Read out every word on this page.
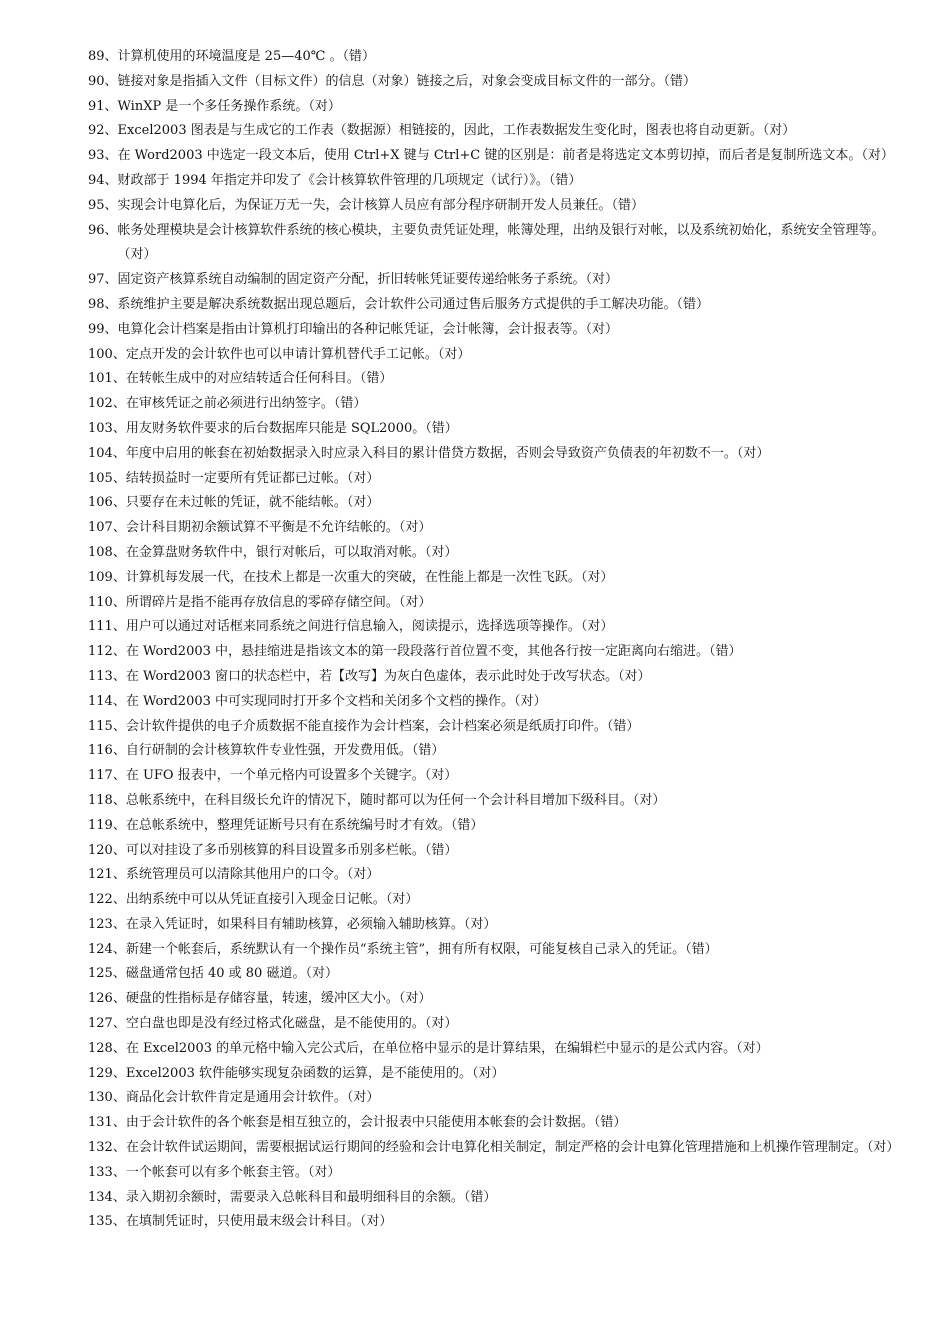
89、 计算机使用的环境温度是 25—40℃ 。（错）
90、 链接对象是指插入文件（目标文件）的信息（对象）链接之后，对象会变成目标文件的一部分。（错）
91、 WinXP 是一个多任务操作系统。（对）
92、 Excel2003 图表是与生成它的工作表（数据源）相链接的，因此，工作表数据发生变化时，图表也将自动更新。（对）
93、 在 Word2003 中选定一段文本后，使用 Ctrl+X 键与 Ctrl+C 键的区别是：前者是将选定文本剪切掉，而后者是复制所选文本。（对）
94、 财政部于 1994 年指定并印发了《会计核算软件管理的几项规定（试行）》。（错）
95、 实现会计电算化后，为保证万无一失，会计核算人员应有部分程序研制开发人员兼任。（错）
96、 帐务处理模块是会计核算软件系统的核心模块，主要负责凭证处理，帐簿处理，出纳及银行对帐，以及系统初始化，系统安全管理等。（对）
97、 固定资产核算系统自动编制的固定资产分配，折旧转帐凭证要传递给帐务子系统。（对）
98、 系统维护主要是解决系统数据出现总题后，会计软件公司通过售后服务方式提供的手工解决功能。（错）
99、 电算化会计档案是指由计算机打印输出的各种记帐凭证，会计帐簿，会计报表等。（对）
100、 定点开发的会计软件也可以申请计算机替代手工记帐。（对）
101、 在转帐生成中的对应结转适合任何科目。（错）
102、 在审核凭证之前必须进行出纳签字。（错）
103、 用友财务软件要求的后台数据库只能是 SQL2000。（错）
104、 年度中启用的帐套在初始数据录入时应录入科目的累计借贷方数据，否则会导致资产负债表的年初数不一。（对）
105、 结转损益时一定要所有凭证都已过帐。（对）
106、 只要存在未过帐的凭证，就不能结帐。（对）
107、 会计科目期初余额试算不平衡是不允许结帐的。（对）
108、 在金算盘财务软件中，银行对帐后，可以取消对帐。（对）
109、 计算机每发展一代，在技术上都是一次重大的突破，在性能上都是一次性飞跃。（对）
110、 所谓碎片是指不能再存放信息的零碎存储空间。（对）
111、 用户可以通过对话框来同系统之间进行信息输入，阅读提示，选择选项等操作。（对）
112、 在 Word2003 中，悬挂缩进是指该文本的第一段段落行首位置不变，其他各行按一定距离向右缩进。（错）
113、 在 Word2003 窗口的状态栏中，若【改写】为灰白色虚体，表示此时处于改写状态。（对）
114、 在 Word2003 中可实现同时打开多个文档和关闭多个文档的操作。（对）
115、 会计软件提供的电子介质数据不能直接作为会计档案，会计档案必须是纸质打印件。（错）
116、 自行研制的会计核算软件专业性强，开发费用低。（错）
117、 在 UFO 报表中，一个单元格内可设置多个关键字。（对）
118、 总帐系统中，在科目级长允许的情况下，随时都可以为任何一个会计科目增加下级科目。（对）
119、 在总帐系统中，整理凭证断号只有在系统编号时才有效。（错）
120、 可以对挂设了多币别核算的科目设置多币别多栏帐。（错）
121、 系统管理员可以清除其他用户的口令。（对）
122、 出纳系统中可以从凭证直接引入现金日记帐。（对）
123、 在录入凭证时，如果科目有辅助核算，必须输入辅助核算。（对）
124、 新建一个帐套后，系统默认有一个操作员“系统主管”，拥有所有权限，可能复核自己录入的凭证。（错）
125、 磁盘通常包括 40 或 80 磁道。（对）
126、 硬盘的性指标是存储容量，转速，缓冲区大小。（对）
127、 空白盘也即是没有经过格式化磁盘，是不能使用的。（对）
128、 在 Excel2003 的单元格中输入完公式后，在单位格中显示的是计算结果，在编辑栏中显示的是公式内容。（对）
129、 Excel2003 软件能够实现复杂函数的运算，是不能使用的。（对）
130、 商品化会计软件肯定是通用会计软件。（对）
131、 由于会计软件的各个帐套是相互独立的，会计报表中只能使用本帐套的会计数据。（错）
132、 在会计软件试运期间，需要根据试运行期间的经验和会计电算化相关制定，制定严格的会计电算化管理措施和上机操作管理制定。（对）
133、 一个帐套可以有多个帐套主管。（对）
134、 录入期初余额时，需要录入总帐科目和最明细科目的余额。（错）
135、 在填制凭证时，只使用最末级会计科目。（对）
